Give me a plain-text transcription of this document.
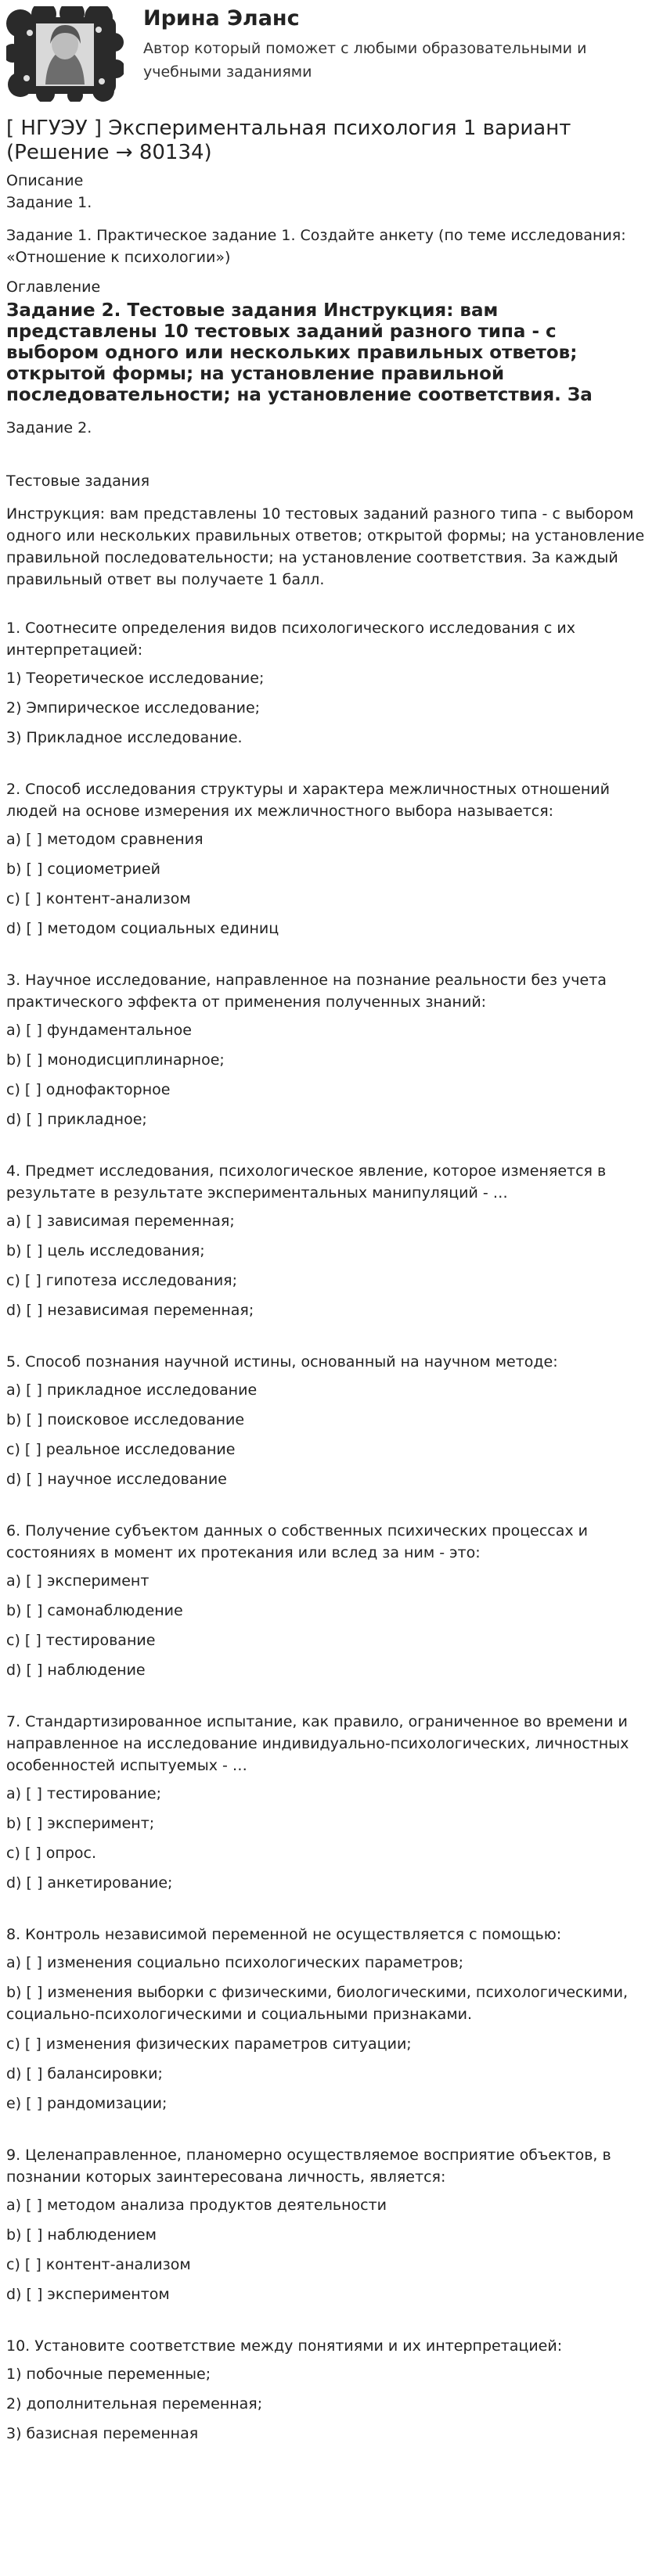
Ирина Эланс
Автор который поможет с любыми образовательными и учебными заданиями
[ НГУЭУ ] Экспериментальная психология 1 вариант (Решение → 80134)
Описание
Задание 1.
Задание 1. Практическое задание 1. Создайте анкету (по теме исследования: «Отношение к психологии»)
Оглавление
Задание 2. Тестовые задания Инструкция: вам представлены 10 тестовых заданий разного типа - с выбором одного или нескольких правильных ответов; открытой формы; на установление правильной последовательности; на установление соответствия. За
Задание 2.
Тестовые задания
Инструкция: вам представлены 10 тестовых заданий разного типа - с выбором одного или нескольких правильных ответов; открытой формы; на установление правильной последовательности; на установление соответствия. За каждый правильный ответ вы получаете 1 балл.
1. Соотнесите определения видов психологического исследования с их интерпретацией:
1) Теоретическое исследование;
2) Эмпирическое исследование;
3) Прикладное исследование.
2. Способ исследования структуры и характера межличностных отношений людей на основе измерения их межличностного выбора называется:
a) [ ] методом сравнения
b) [ ] социометрией
c) [ ] контент-анализом
d) [ ] методом социальных единиц
3. Научное исследование, направленное на познание реальности без учета практического эффекта от применения полученных знаний:
a) [ ] фундаментальное
b) [ ] монодисциплинарное;
c) [ ] однофакторное
d) [ ] прикладное;
4. Предмет исследования, психологическое явление, которое изменяется в результате в результате экспериментальных манипуляций - …
a) [ ] зависимая переменная;
b) [ ] цель исследования;
c) [ ] гипотеза исследования;
d) [ ] независимая переменная;
5. Способ познания научной истины, основанный на научном методе:
a) [ ] прикладное исследование
b) [ ] поисковое исследование
c) [ ] реальное исследование
d) [ ] научное исследование
6. Получение субъектом данных о собственных психических процессах и состояниях в момент их протекания или вслед за ним - это:
a) [ ] эксперимент
b) [ ] самонаблюдение
c) [ ] тестирование
d) [ ] наблюдение
7. Стандартизированное испытание, как правило, ограниченное во времени и направленное на исследование индивидуально-психологических, личностных особенностей испытуемых - …
a) [ ] тестирование;
b) [ ] эксперимент;
c) [ ] опрос.
d) [ ] анкетирование;
8. Контроль независимой переменной не осуществляется с помощью:
a) [ ] изменения социально психологических параметров;
b) [ ] изменения выборки с физическими, биологическими, психологическими, социально-психологическими и социальными признаками.
c) [ ] изменения физических параметров ситуации;
d) [ ] балансировки;
e) [ ] рандомизации;
9. Целенаправленное, планомерно осуществляемое восприятие объектов, в познании которых заинтересована личность, является:
a) [ ] методом анализа продуктов деятельности
b) [ ] наблюдением
c) [ ] контент-анализом
d) [ ] экспериментом
10. Установите соответствие между понятиями и их интерпретацией:
1) побочные переменные;
2) дополнительная переменная;
3) базисная переменная
